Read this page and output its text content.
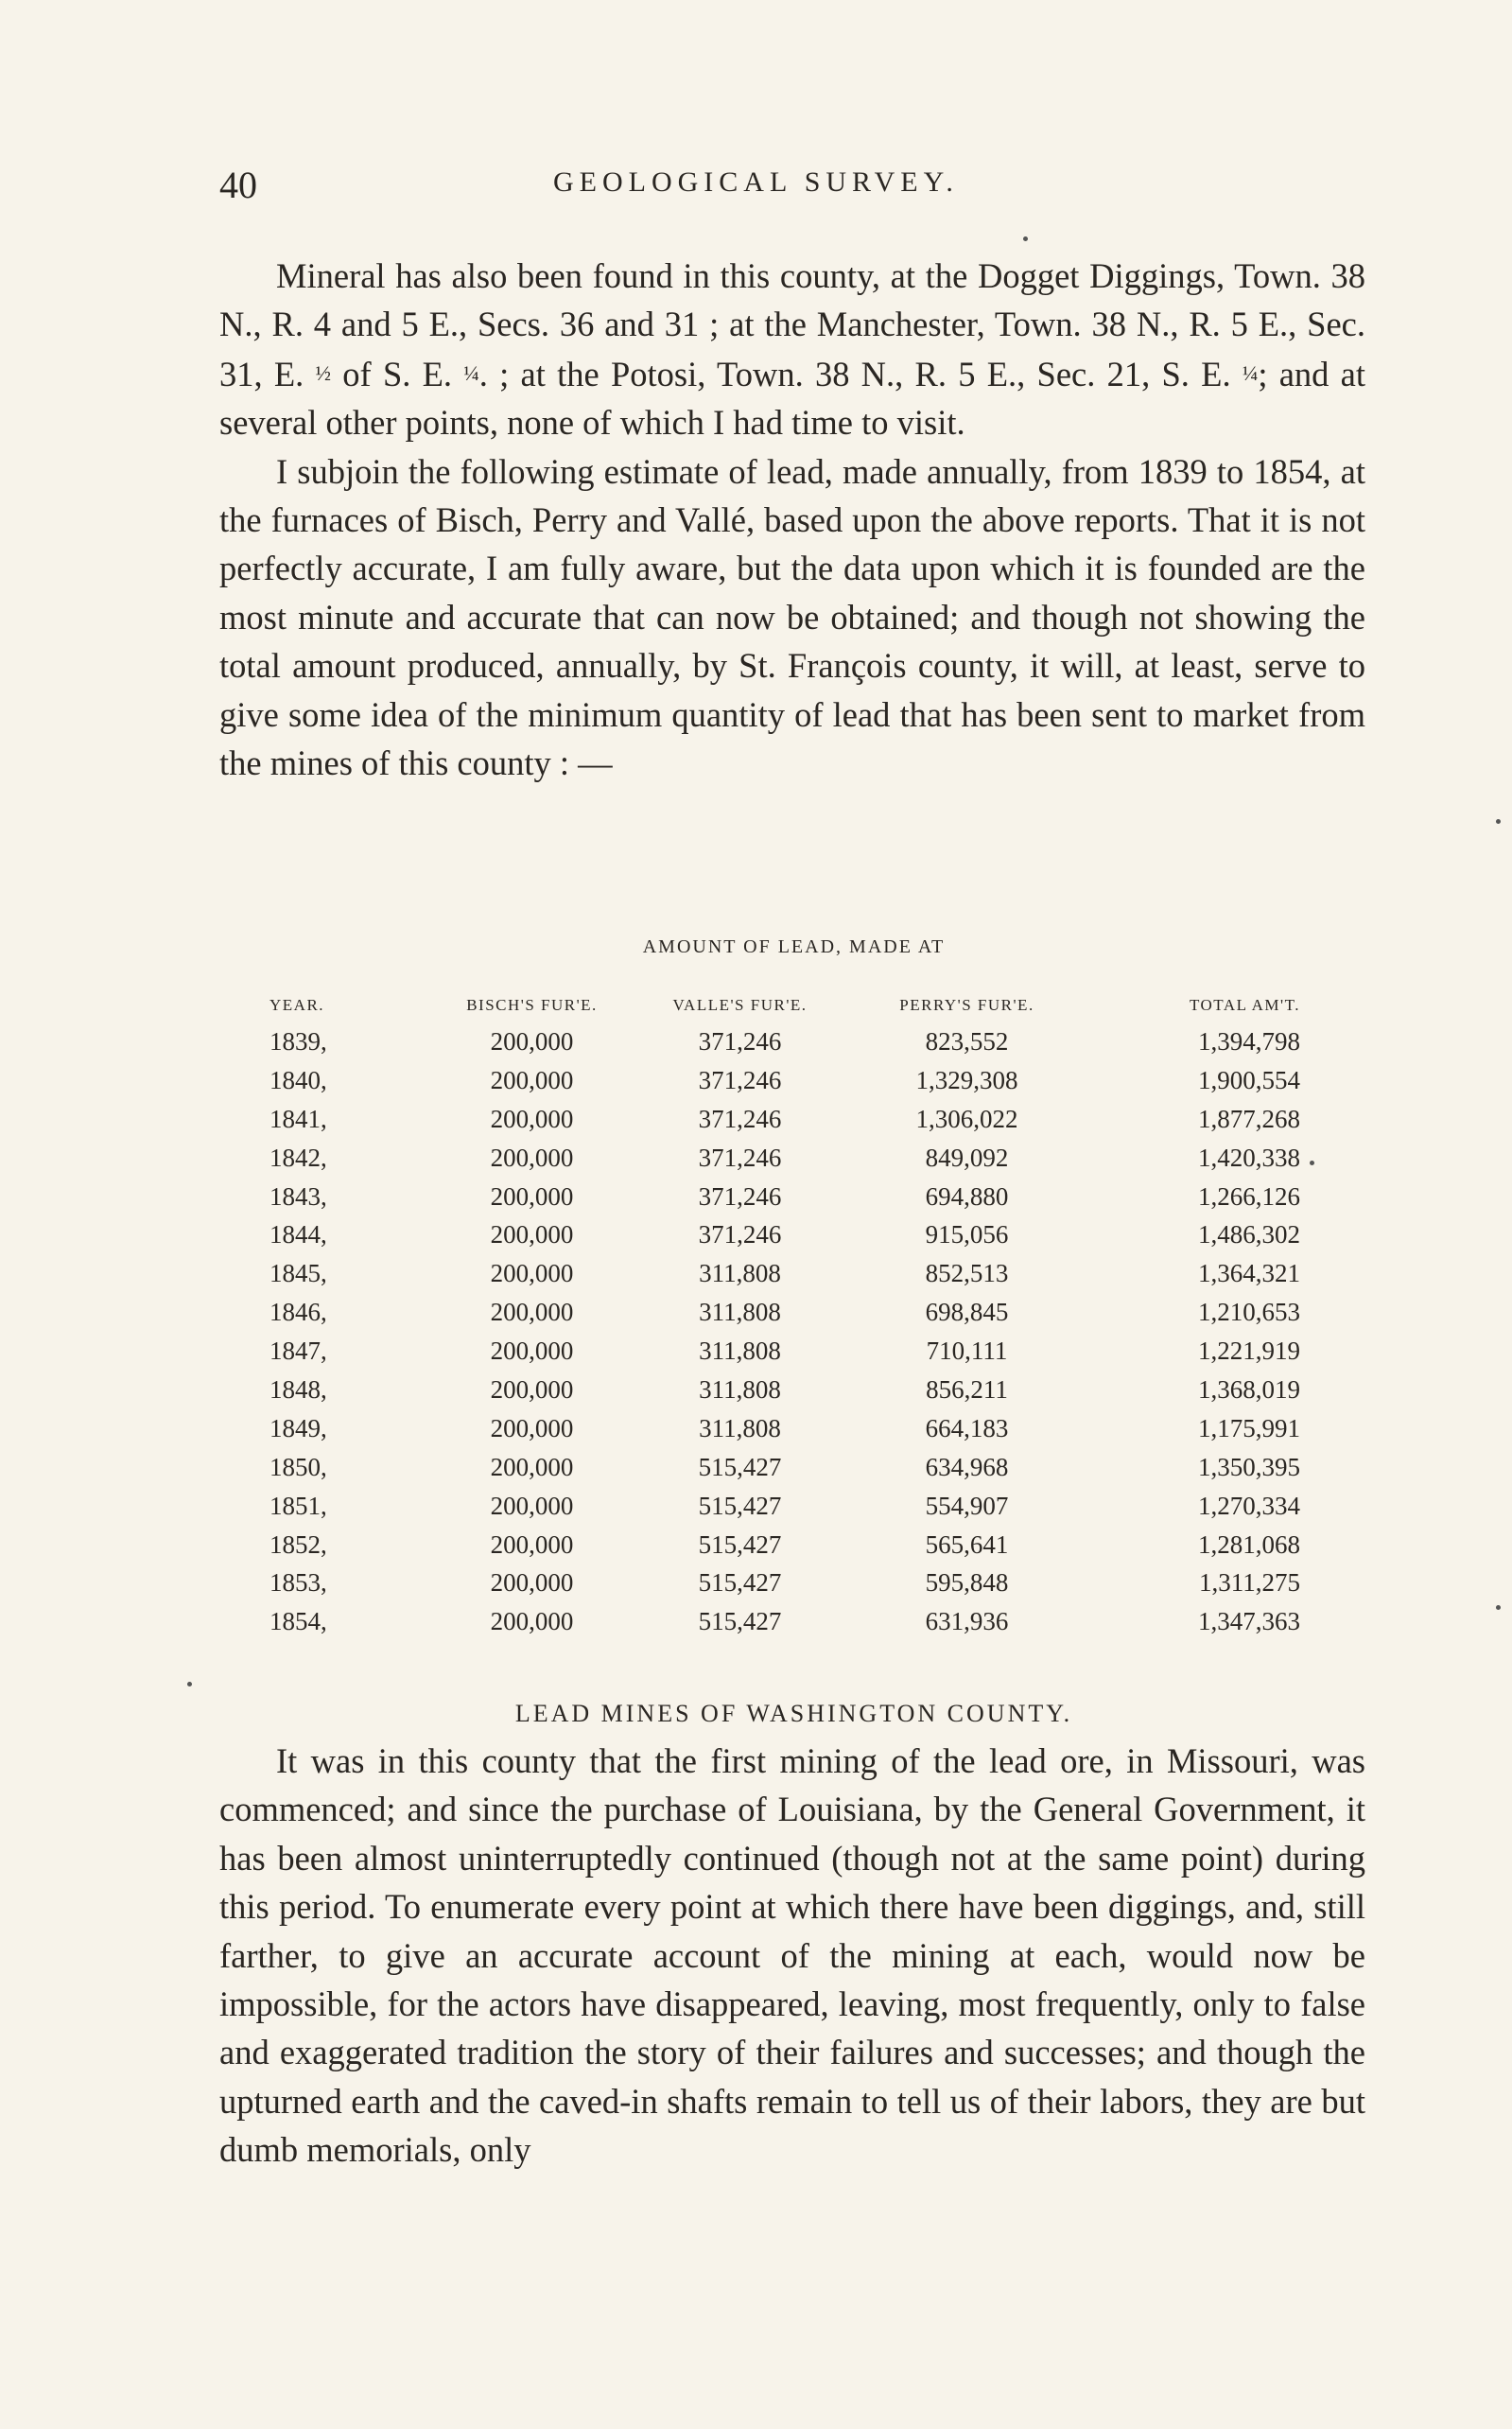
40	GEOLOGICAL SURVEY.

Mineral has also been found in this county, at the Dogget Diggings, Town. 38 N., R. 4 and 5 E., Secs. 36 and 31 ; at the Manchester, Town. 38 N., R. 5 E., Sec. 31, E. ½ of S. E. ¼. ; at the Potosi, Town. 38 N., R. 5 E., Sec. 21, S. E. ¼; and at several other points, none of which I had time to visit.

I subjoin the following estimate of lead, made annually, from 1839 to 1854, at the furnaces of Bisch, Perry and Vallé, based upon the above reports. That it is not perfectly accurate, I am fully aware, but the data upon which it is founded are the most minute and accurate that can now be obtained; and though not showing the total amount produced, annually, by St. François county, it will, at least, serve to give some idea of the minimum quantity of lead that has been sent to market from the mines of this county : —

AMOUNT OF LEAD, MADE AT
YEAR.	BISCH'S FUR'E.	VALLE'S FUR'E.	PERRY'S FUR'E.	TOTAL AM'T.
1839,	200,000	371,246	823,552	1,394,798
1840,	200,000	371,246	1,329,308	1,900,554
1841,	200,000	371,246	1,306,022	1,877,268
1842,	200,000	371,246	849,092	1,420,338
1843,	200,000	371,246	694,880	1,266,126
1844,	200,000	371,246	915,056	1,486,302
1845,	200,000	311,808	852,513	1,364,321
1846,	200,000	311,808	698,845	1,210,653
1847,	200,000	311,808	710,111	1,221,919
1848,	200,000	311,808	856,211	1,368,019
1849,	200,000	311,808	664,183	1,175,991
1850,	200,000	515,427	634,968	1,350,395
1851,	200,000	515,427	554,907	1,270,334
1852,	200,000	515,427	565,641	1,281,068
1853,	200,000	515,427	595,848	1,311,275
1854,	200,000	515,427	631,936	1,347,363
LEAD MINES OF WASHINGTON COUNTY.

It was in this county that the first mining of the lead ore, in Missouri, was commenced; and since the purchase of Louisiana, by the General Government, it has been almost uninterruptedly continued (though not at the same point) during this period. To enumerate every point at which there have been diggings, and, still farther, to give an accurate account of the mining at each, would now be impossible, for the actors have disappeared, leaving, most frequently, only to false and exaggerated tradition the story of their failures and successes; and though the upturned earth and the caved-in shafts remain to tell us of their labors, they are but dumb memorials, only
